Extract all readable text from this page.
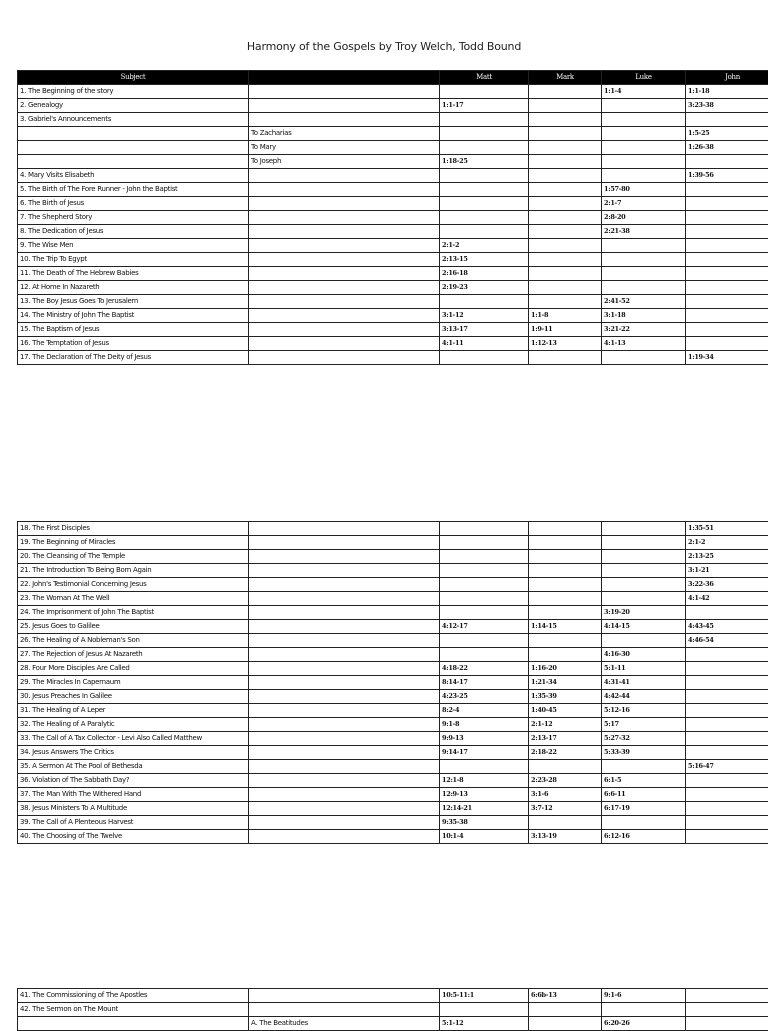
Harmony of the Gospels by Troy Welch, Todd Bound
Subject		Matt	Mark	Luke	John
1. The Beginning of the story				1:1-4	1:1-18
2. Genealogy		1:1-17			3:23-38
3. Gabriel's Announcements					
	To Zacharias				1:5-25
	To Mary				1:26-38
	To Joseph	1:18-25			
4. Mary Visits Elisabeth					1:39-56
5. The Birth of The Fore Runner - John the Baptist				1:57-80	
6. The Birth of Jesus				2:1-7	
7. The Shepherd Story				2:8-20	
8. The Dedication of Jesus				2:21-38	
9. The Wise Men		2:1-2			
10. The Trip To Egypt		2:13-15			
11. The Death of The Hebrew Babies		2:16-18			
12. At Home In Nazareth		2:19-23			
13. The Boy Jesus Goes To Jerusalem				2:41-52	
14. The Ministry of John The Baptist		3:1-12	1:1-8	3:1-18	
15. The Baptism of Jesus		3:13-17	1:9-11	3:21-22	
16. The Temptation of Jesus		4:1-11	1:12-13	4:1-13	
17. The Declaration of The Deity of Jesus					1:19-34
18. The First Disciples					1:35-51
19. The Beginning of Miracles					2:1-2
20. The Cleansing of The Temple					2:13-25
21. The Introduction To Being Born Again					3:1-21
22. John's Testimonial Concerning Jesus					3:22-36
23. The Woman At The Well					4:1-42
24. The Imprisonment of John The Baptist				3:19-20	
25. Jesus Goes to Galilee		4:12-17	1:14-15	4:14-15	4:43-45
26. The Healing of A Nobleman's Son					4:46-54
27. The Rejection of Jesus At Nazareth				4:16-30	
28. Four More Disciples Are Called		4:18-22	1:16-20	5:1-11	
29. The Miracles In Capernaum		8:14-17	1:21-34	4:31-41	
30. Jesus Preaches In Galilee		4:23-25	1:35-39	4:42-44	
31. The Healing of A Leper		8:2-4	1:40-45	5:12-16	
32. The Healing of A Paralytic		9:1-8	2:1-12	5:17	
33. The Call of A Tax Collector - Levi Also Called Matthew		9:9-13	2:13-17	5:27-32	
34. Jesus Answers The Critics		9:14-17	2:18-22	5:33-39	
35. A Sermon At The Pool of Bethesda					5:16-47
36. Violation of The Sabbath Day?		12:1-8	2:23-28	6:1-5	
37. The Man With The Withered Hand		12:9-13	3:1-6	6:6-11	
38. Jesus Ministers To A Multitude		12:14-21	3:7-12	6:17-19	
39. The Call of A Plenteous Harvest		9:35-38			
40. The Choosing of The Twelve		10:1-4	3:13-19	6:12-16	
41. The Commissioning of The Apostles		10:5-11:1	6:6b-13	9:1-6	
42. The Sermon on The Mount					
	A. The Beatitudes	5:1-12		6:20-26	
